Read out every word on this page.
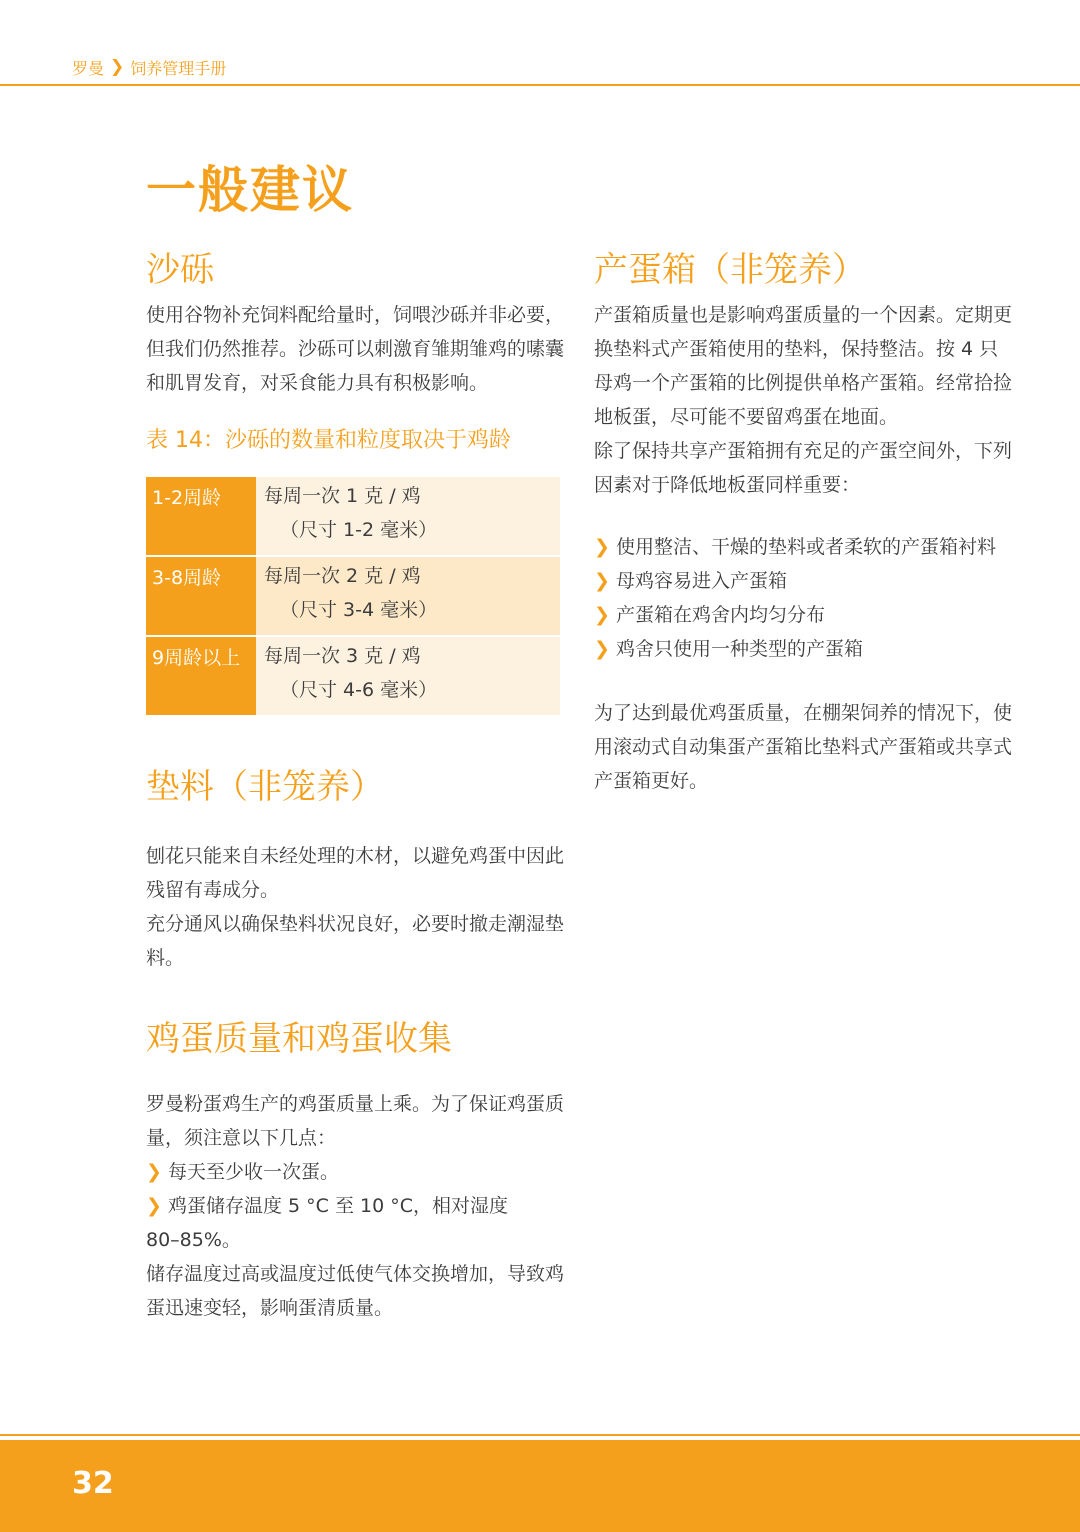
罗曼 ❯ 饲养管理手册
一般建议
沙砾

使用谷物补充饲料配给量时，饲喂沙砾并非必要，但我们仍然推荐。沙砾可以刺激育雏期雏鸡的嗉囊和肌胃发育，对采食能力具有积极影响。

表 14：沙砾的数量和粒度取决于鸡龄
1-2周龄	每周一次 1 克 / 鸡
（尺寸 1-2 毫米）
3-8周龄	每周一次 2 克 / 鸡
（尺寸 3-4 毫米）
9周龄以上	每周一次 3 克 / 鸡
（尺寸 4-6 毫米）
垫料（非笼养）

刨花只能来自未经处理的木材，以避免鸡蛋中因此残留有毒成分。

充分通风以确保垫料状况良好，必要时撤走潮湿垫料。

鸡蛋质量和鸡蛋收集

罗曼粉蛋鸡生产的鸡蛋质量上乘。为了保证鸡蛋质量，须注意以下几点：

❯ 每天至少收一次蛋。
❯ 鸡蛋储存温度 5 °C 至 10 °C，相对湿度

80–85%。

储存温度过高或温度过低使气体交换增加，导致鸡蛋迅速变轻，影响蛋清质量。

产蛋箱（非笼养）

产蛋箱质量也是影响鸡蛋质量的一个因素。定期更换垫料式产蛋箱使用的垫料，保持整洁。按 4 只母鸡一个产蛋箱的比例提供单格产蛋箱。经常拾捡地板蛋，尽可能不要留鸡蛋在地面。

除了保持共享产蛋箱拥有充足的产蛋空间外，下列因素对于降低地板蛋同样重要：

❯ 使用整洁、干燥的垫料或者柔软的产蛋箱衬料
❯ 母鸡容易进入产蛋箱
❯ 产蛋箱在鸡舍内均匀分布
❯ 鸡舍只使用一种类型的产蛋箱

为了达到最优鸡蛋质量，在棚架饲养的情况下，使用滚动式自动集蛋产蛋箱比垫料式产蛋箱或共享式产蛋箱更好。

32
